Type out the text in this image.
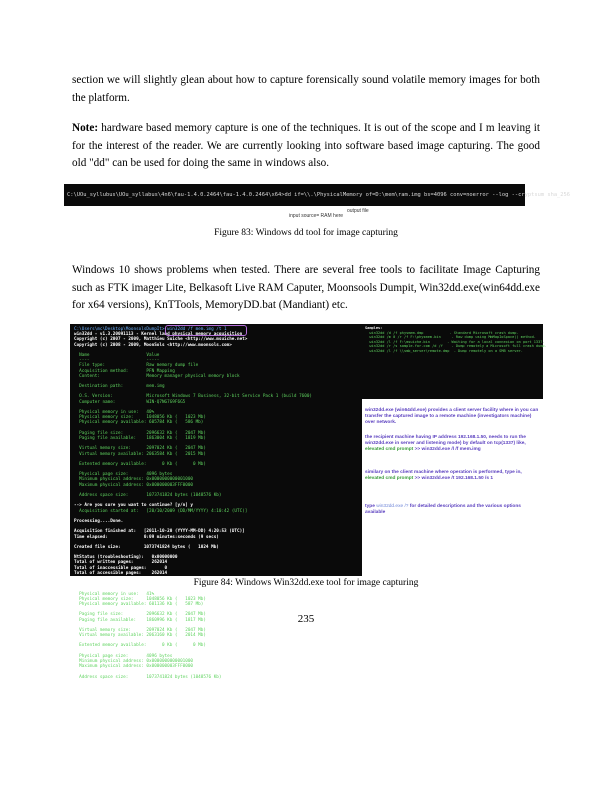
section we will slightly glean about how to capture forensically sound volatile memory images for both the platform.
Note: hardware based memory capture is one of the techniques. It is out of the scope and I m leaving it for the interest of the reader. We are currently looking into software based image capturing. The good old "dd" can be used for doing the same in windows also.
C:\UOu_syllubus\UOu_syllabus\4n6\fau-1.4.0.2464\fau-1.4.0.2464\x64>dd if=\\.\PhysicalMemory of=D:\mem\ram.img bs=4096 conv=noerror --log --cryptsum sha_256
input source= RAM here
output file
Figure 83: Windows dd tool for image capturing
Windows 10 shows problems when tested. There are several free tools to facilitate Image Capturing such as FTK imager Lite, Belkasoft Live RAM Caputer, Moonsools Dumpit, Win32dd.exe(win64dd.exe for x64 versions), KnTTools, MemoryDD.bat (Mandiant) etc.
C:\Users\mc\Desktop\MoonsolsDumpIt> win32dd /f mem.img /t 1
win32dd - v1.3.20091113 - Kernel land physical memory acquisition
Copyright (c) 2007 - 2009, Matthieu Suiche <http://www.msuiche.net>
Copyright (c) 2008 - 2009, MoonSols <http://www.moonsols.com>
Name                      Value
----                      -----
File type:                Raw memory dump file
Acquisition method:       PFN Mapping
Content:                  Memory manager physical memory block
Destination path:         mem.img
O.S. Version:             Microsoft Windows 7 Business, 32-bit Service Pack 1 (build 7600)
Computer name:            WIN-Q7NG7G9F6G5
Physical memory in use:   40%
Physical memory size:     1048056 Kb (   1023 Mb)
Physical memory available: 605784 Kb (   586 Mb)
Paging file size:         2096632 Kb (   2047 Mb)
Paging file available:    1863004 Kb (   1819 Mb)
Virtual memory size:      2097024 Kb (   2047 Mb)
Virtual memory available: 2063584 Kb (   2015 Mb)
Extented memory available:      0 Kb (      0 Mb)
Physical page size:       4096 bytes
Minimum physical address: 0x0000000000001000
Maximum physical address: 0x000000003FFF0000
Address space size:       1073741824 bytes (1048576 Kb)
--> Are you sure you want to continue? [y/n] y
Acquisition started at:   [20/10/2009 (DD/MM/YYYY) 4:10:42 (UTC)]
Processing....Done.
Acquisition finished at:   [2011-10-20 (YYYY-MM-DD) 4:20:53 (UTC)]
Time elapsed:              0:09 minutes:seconds (9 secs)
Created file size:         1073741824 bytes (   1024 Mb)
NtStatus (troubleshooting):   0x00000000
Total of written pages:       262014
Total of inaccessible pages:       0
Total of accessible pages:    262014
SHA1: 2588320E336FC09787077051F96483867F5B6C20E
Physical memory in use:   41%
Physical memory size:     1048056 Kb (   1023 Mb)
Physical memory available: 601136 Kb (   587 Mb)
Paging file size:         2096632 Kb (   2047 Mb)
Paging file available:    1860996 Kb (   1817 Mb)
Virtual memory size:      2097024 Kb (   2047 Mb)
Virtual memory available: 2063160 Kb (   2014 Mb)
Extented memory available:      0 Kb (      0 Mb)
Physical page size:       4096 bytes
Minimum physical address: 0x0000000000001000
Maximum physical address: 0x000000003FFF0000
Address space size:       1073741824 bytes (1048576 Kb)
Samples:
win32dd /d /f physmem.dmp            - Standard Microsoft crash dump.
win32dd /m 0 /r /f F:\physmem.bin     - Raw dump using MmMapIoSpace() method.
win32dd /l /f F:\msuiche.bin        - Waiting for a local connexion on port 1337.
win32dd /r /s sample.for.com /d /f    - Dump remotely a Microsoft full crash dump.
win32dd /l /f \\smb_server\remote.dmp  - Dump remotely on a SMB server.
win32dd.exe (win64dd.exe) provides a client server facility where in you can transfer the captured image to a remote machine (investigators machine) over network.
the recipient machine having IP address 192.168.1.50, needs to run the win32dd.exe in server and listening mode) by default on tcp(1337) like,
elevated cmd prompt >> win32dd.exe /l /f mem.img
similary on the client machine where operation is performed, type in,
elevated cmd prompt >> win32dd.exe /t 192.168.1.50 /s 1
type win32dd.exe /? for detailed descriptions and the various options available
Figure 84: Windows Win32dd.exe tool for image capturing
235
